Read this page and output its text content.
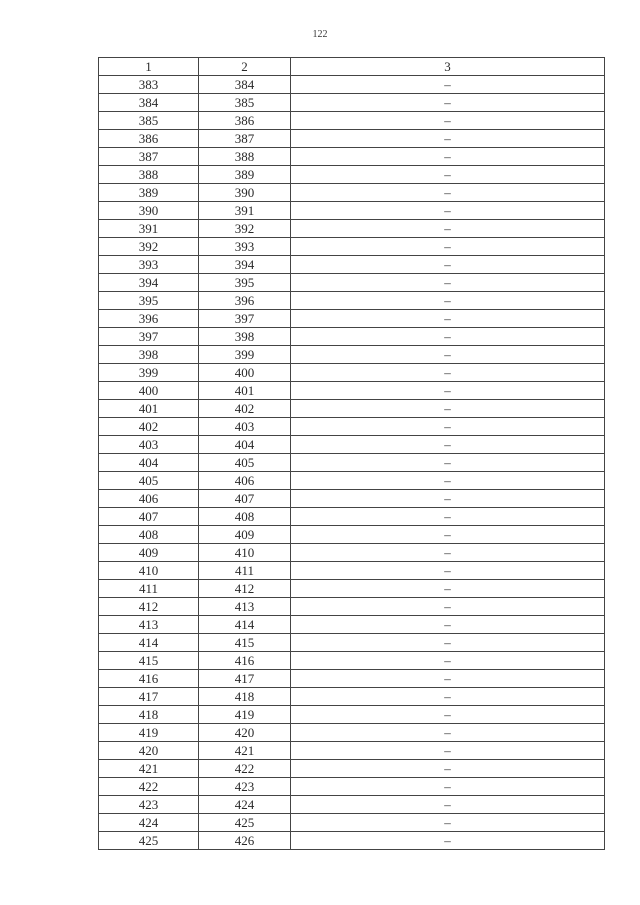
122
1	2	3
383	384	–
384	385	–
385	386	–
386	387	–
387	388	–
388	389	–
389	390	–
390	391	–
391	392	–
392	393	–
393	394	–
394	395	–
395	396	–
396	397	–
397	398	–
398	399	–
399	400	–
400	401	–
401	402	–
402	403	–
403	404	–
404	405	–
405	406	–
406	407	–
407	408	–
408	409	–
409	410	–
410	411	–
411	412	–
412	413	–
413	414	–
414	415	–
415	416	–
416	417	–
417	418	–
418	419	–
419	420	–
420	421	–
421	422	–
422	423	–
423	424	–
424	425	–
425	426	–
